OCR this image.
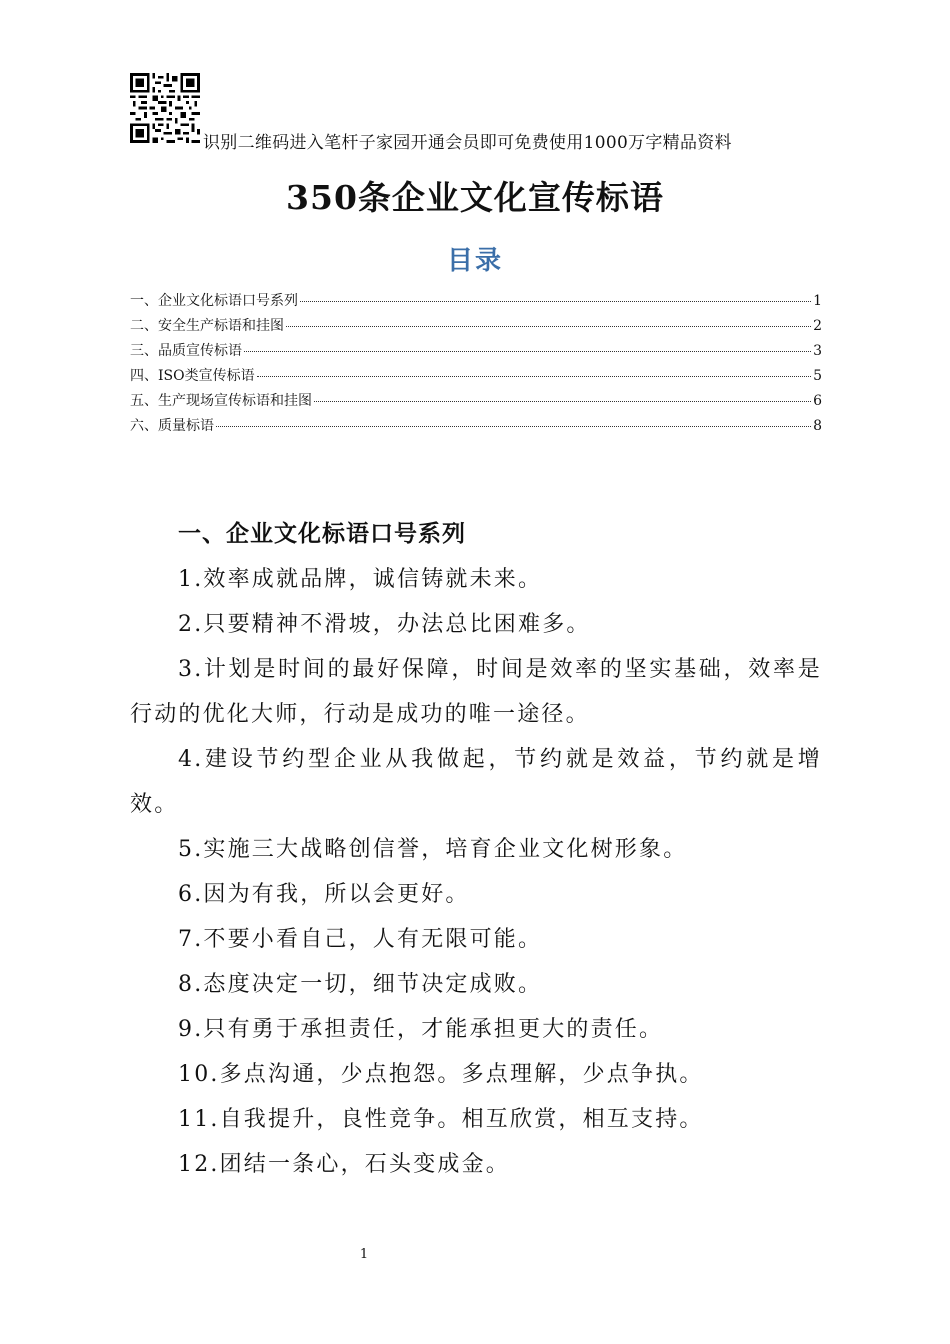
识别二维码进入笔杆子家园开通会员即可免费使用1000万字精品资料
350条企业文化宣传标语
目录
一、企业文化标语口号系列	1
二、安全生产标语和挂图	2
三、品质宣传标语	3
四、ISO类宣传标语	5
五、生产现场宣传标语和挂图	6
六、质量标语	8
一、企业文化标语口号系列

1.效率成就品牌，诚信铸就未来。

2.只要精神不滑坡，办法总比困难多。

3.计划是时间的最好保障，时间是效率的坚实基础，效率是行动的优化大师，行动是成功的唯一途径。

4.建设节约型企业从我做起，节约就是效益，节约就是增效。

5.实施三大战略创信誉，培育企业文化树形象。

6.因为有我，所以会更好。

7.不要小看自己，人有无限可能。

8.态度决定一切，细节决定成败。

9.只有勇于承担责任，才能承担更大的责任。

10.多点沟通，少点抱怨。多点理解，少点争执。

11.自我提升，良性竞争。相互欣赏，相互支持。

12.团结一条心，石头变成金。

1
